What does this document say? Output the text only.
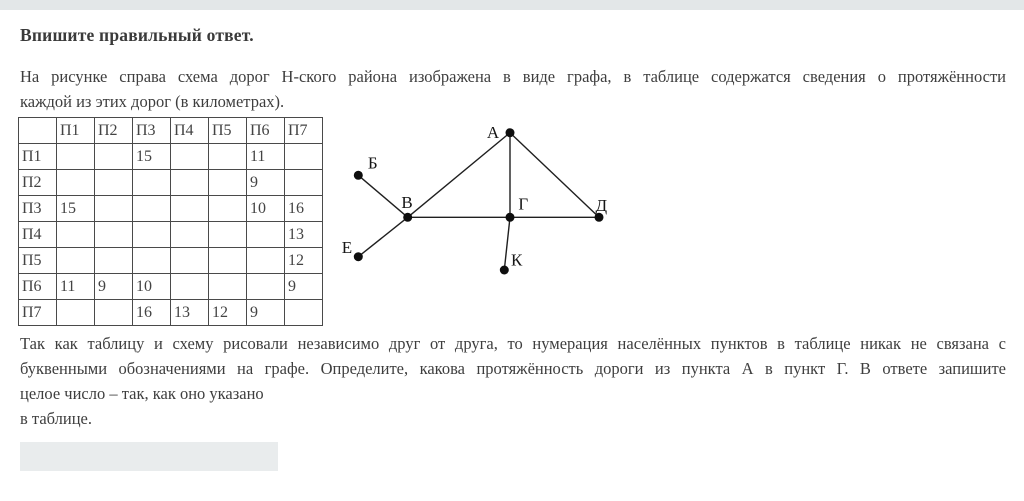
Впишите правильный ответ.
На рисунке справа схема дорог Н-ского района изображена в виде графа, в таблице содержатся сведения о протяжённости
каждой из этих дорог (в километрах).
	П1	П2	П3	П4	П5	П6	П7
П1			15			11	
П2						9	
П3	15					10	16
П4							13
П5							12
П6	11	9	10				9
П7			16	13	12	9	
А
Б
В	Г	Д
Е
К
Так как таблицу и схему рисовали независимо друг от друга, то нумерация населённых пунктов в таблице никак не связана с
буквенными обозначениями на графе. Определите, какова протяжённость дороги из пункта А в пункт Г. В ответе запишите
целое число – так, как оно указано
в таблице.
